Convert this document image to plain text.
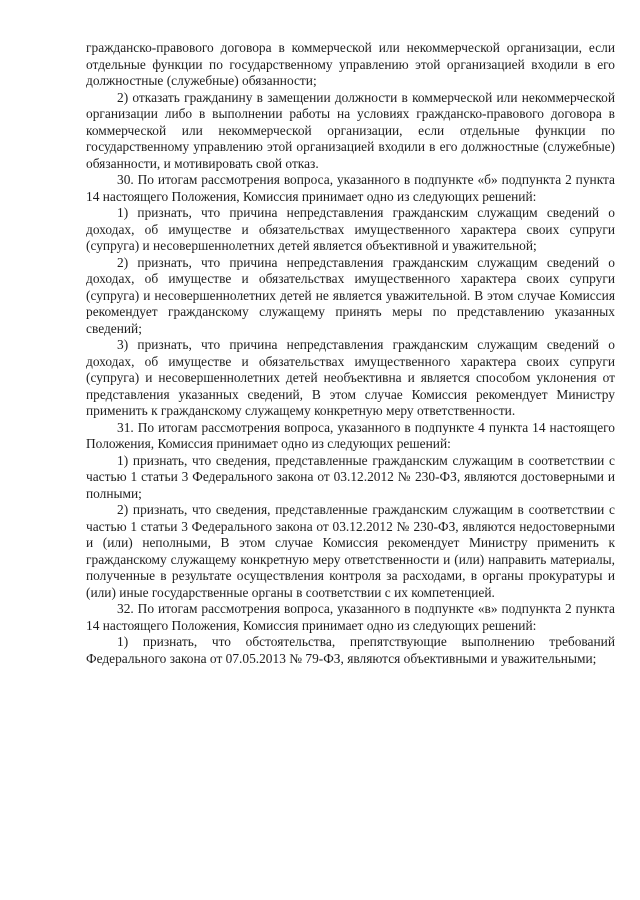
гражданско-правового договора в коммерческой или некоммерческой организации, если отдельные функции по государственному управлению этой организацией входили в его должностные (служебные) обязанности;

2) отказать гражданину в замещении должности в коммерческой или некоммерческой организации либо в выполнении работы на условиях гражданско-правового договора в коммерческой или некоммерческой организации, если отдельные функции по государственному управлению этой организацией входили в его должностные (служебные) обязанности, и мотивировать свой отказ.

30. По итогам рассмотрения вопроса, указанного в подпункте «б» подпункта 2 пункта 14 настоящего Положения, Комиссия принимает одно из следующих решений:

1) признать, что причина непредставления гражданским служащим сведений о доходах, об имуществе и обязательствах имущественного характера своих супруги (супруга) и несовершеннолетних детей является объективной и уважительной;

2) признать, что причина непредставления гражданским служащим сведений о доходах, об имуществе и обязательствах имущественного характера своих супруги (супруга) и несовершеннолетних детей не является уважительной. В этом случае Комиссия рекомендует гражданскому служащему принять меры по представлению указанных сведений;

3) признать, что причина непредставления гражданским служащим сведений о доходах, об имуществе и обязательствах имущественного характера своих супруги (супруга) и несовершеннолетних детей необъективна и является способом уклонения от представления указанных сведений, В этом случае Комиссия рекомендует Министру применить к гражданскому служащему конкретную меру ответственности.

31. По итогам рассмотрения вопроса, указанного в подпункте 4 пункта 14 настоящего Положения, Комиссия принимает одно из следующих решений:

1) признать, что сведения, представленные гражданским служащим в соответствии с частью 1 статьи 3 Федерального закона от 03.12.2012 № 230-ФЗ, являются достоверными и полными;

2) признать, что сведения, представленные гражданским служащим в соответствии с частью 1 статьи 3 Федерального закона от 03.12.2012 № 230-ФЗ, являются недостоверными и (или) неполными, В этом случае Комиссия рекомендует Министру применить к гражданскому служащему конкретную меру ответственности и (или) направить материалы, полученные в результате осуществления контроля за расходами, в органы прокуратуры и (или) иные государственные органы в соответствии с их компетенцией.

32. По итогам рассмотрения вопроса, указанного в подпункте «в» подпункта 2 пункта 14 настоящего Положения, Комиссия принимает одно из следующих решений:

1) признать, что обстоятельства, препятствующие выполнению требований Федерального закона от 07.05.2013 № 79-ФЗ, являются объективными и уважительными;
